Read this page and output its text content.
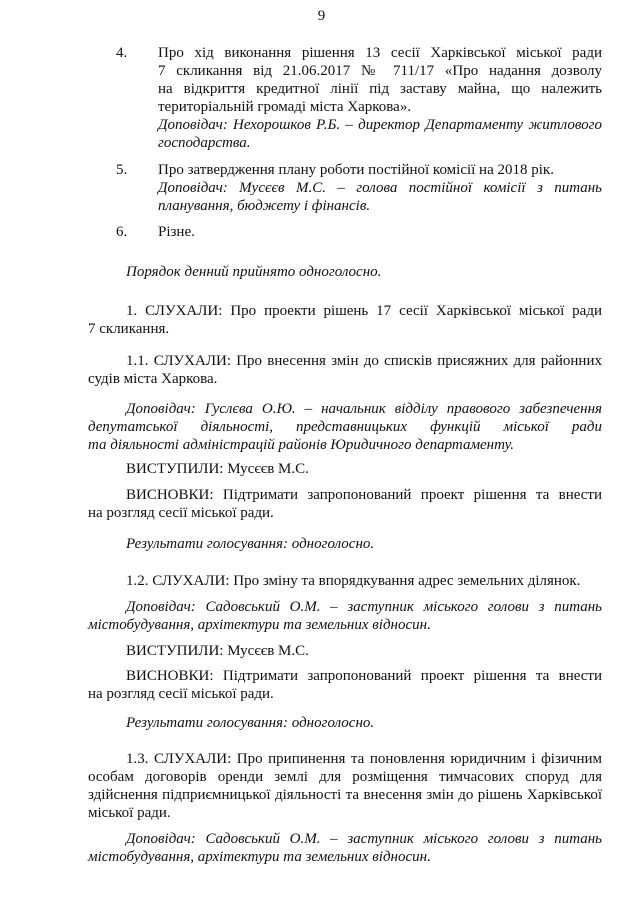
9
4. Про хід виконання рішення 13 сесії Харківської міської ради
7 скликання від 21.06.2017 № 711/17 «Про надання дозволу
на відкриття кредитної лінії під заставу майна, що належить
територіальній громаді міста Харкова».
Доповідач: Нехорошков Р.Б. – директор Департаменту житлового
господарства.
5. Про затвердження плану роботи постійної комісії на 2018 рік.
Доповідач: Мусєєв М.С. – голова постійної комісії з питань
планування, бюджету і фінансів.
6. Різне.
Порядок денний прийнято одноголосно.
1. СЛУХАЛИ: Про проекти рішень 17 сесії Харківської міської ради
7 скликання.
1.1. СЛУХАЛИ: Про внесення змін до списків присяжних для районних
судів міста Харкова.
Доповідач: Гуслєва О.Ю. – начальник відділу правового забезпечення
депутатської діяльності, представницьких функцій міської ради
та діяльності адміністрацій районів Юридичного департаменту.
ВИСТУПИЛИ: Мусєєв М.С.
ВИСНОВКИ: Підтримати запропонований проект рішення та внести
на розгляд сесії міської ради.
Результати голосування: одноголосно.
1.2. СЛУХАЛИ: Про зміну та впорядкування адрес земельних ділянок.
Доповідач: Садовський О.М. – заступник міського голови з питань
містобудування, архітектури та земельних відносин.
ВИСТУПИЛИ: Мусєєв М.С.
ВИСНОВКИ: Підтримати запропонований проект рішення та внести
на розгляд сесії міської ради.
Результати голосування: одноголосно.
1.3. СЛУХАЛИ: Про припинення та поновлення юридичним і фізичним
особам договорів оренди землі для розміщення тимчасових споруд для
здійснення підприємницької діяльності та внесення змін до рішень Харківської
міської ради.
Доповідач: Садовський О.М. – заступник міського голови з питань
містобудування, архітектури та земельних відносин.
